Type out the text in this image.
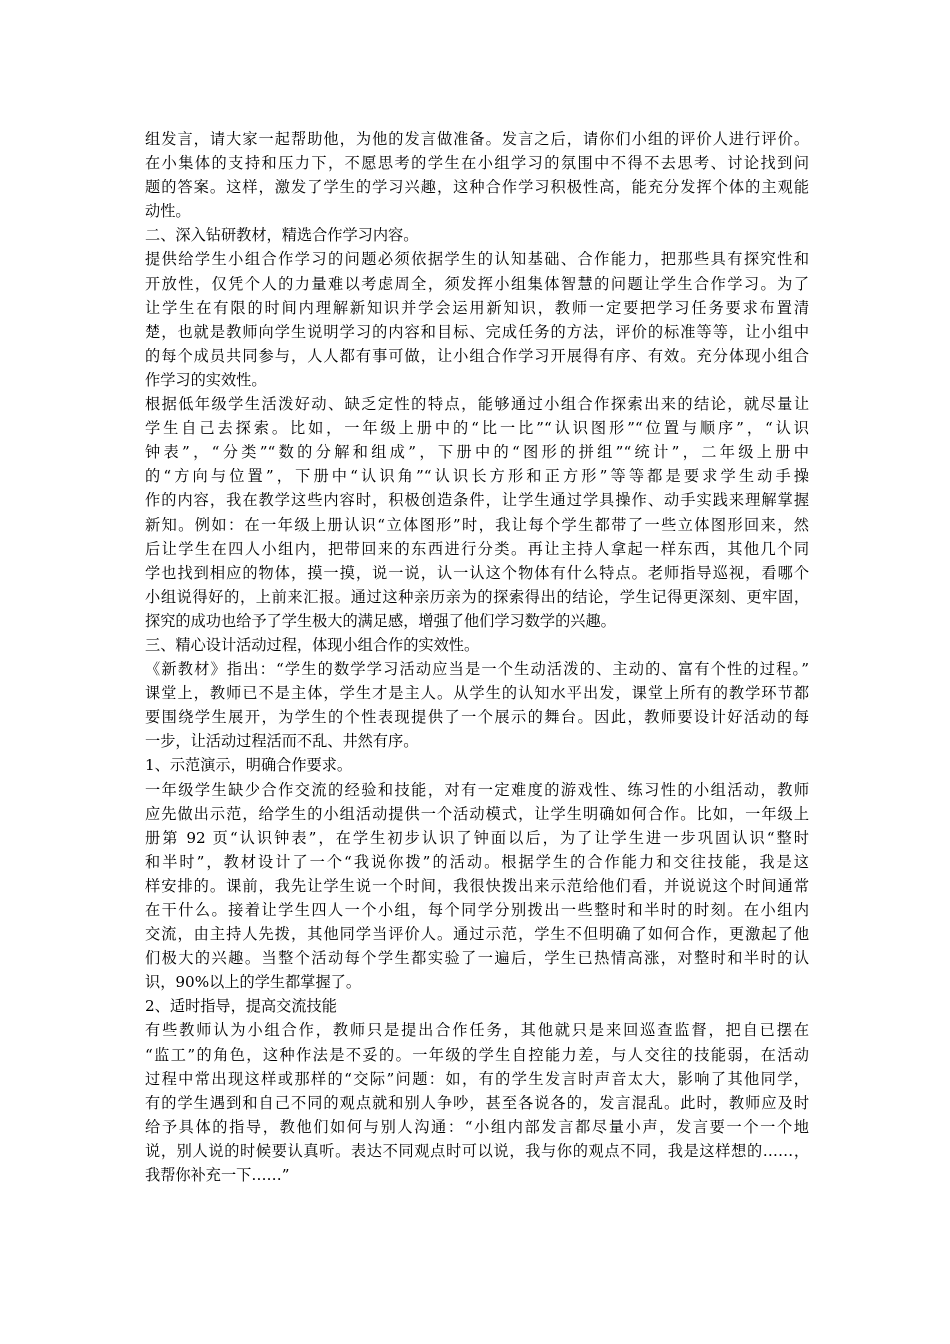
组发言，请大家一起帮助他，为他的发言做准备。发言之后，请你们小组的评价人进行评价。
在小集体的支持和压力下，不愿思考的学生在小组学习的氛围中不得不去思考、讨论找到问
题的答案。这样，激发了学生的学习兴趣，这种合作学习积极性高，能充分发挥个体的主观能
动性。
二、深入钻研教材，精选合作学习内容。
提供给学生小组合作学习的问题必须依据学生的认知基础、合作能力，把那些具有探究性和
开放性，仅凭个人的力量难以考虑周全，须发挥小组集体智慧的问题让学生合作学习。为了
让学生在有限的时间内理解新知识并学会运用新知识，教师一定要把学习任务要求布置清
楚，也就是教师向学生说明学习的内容和目标、完成任务的方法，评价的标准等等，让小组中
的每个成员共同参与，人人都有事可做，让小组合作学习开展得有序、有效。充分体现小组合
作学习的实效性。
根据低年级学生活泼好动、缺乏定性的特点，能够通过小组合作探索出来的结论，就尽量让
学生自己去探索。比如，一年级上册中的“比一比”“认识图形”“位置与顺序”，“认识
钟表”，“分类”“数的分解和组成”，下册中的“图形的拼组”“统计”，二年级上册中
的“方向与位置”，下册中“认识角”“认识长方形和正方形”等等都是要求学生动手操
作的内容，我在教学这些内容时，积极创造条件，让学生通过学具操作、动手实践来理解掌握
新知。例如：在一年级上册认识“立体图形”时，我让每个学生都带了一些立体图形回来，然
后让学生在四人小组内，把带回来的东西进行分类。再让主持人拿起一样东西，其他几个同
学也找到相应的物体，摸一摸，说一说，认一认这个物体有什么特点。老师指导巡视，看哪个
小组说得好的，上前来汇报。通过这种亲历亲为的探索得出的结论，学生记得更深刻、更牢固，
探究的成功也给予了学生极大的满足感，增强了他们学习数学的兴趣。
三、精心设计活动过程，体现小组合作的实效性。
《新教材》指出：“学生的数学学习活动应当是一个生动活泼的、主动的、富有个性的过程。”
课堂上，教师已不是主体，学生才是主人。从学生的认知水平出发，课堂上所有的教学环节都
要围绕学生展开，为学生的个性表现提供了一个展示的舞台。因此，教师要设计好活动的每
一步，让活动过程活而不乱、井然有序。
1、示范演示，明确合作要求。
一年级学生缺少合作交流的经验和技能，对有一定难度的游戏性、练习性的小组活动，教师
应先做出示范，给学生的小组活动提供一个活动模式，让学生明确如何合作。比如，一年级上
册第 92 页“认识钟表”，在学生初步认识了钟面以后，为了让学生进一步巩固认识“整时
和半时”，教材设计了一个“我说你拨”的活动。根据学生的合作能力和交往技能，我是这
样安排的。课前，我先让学生说一个时间，我很快拨出来示范给他们看，并说说这个时间通常
在干什么。接着让学生四人一个小组，每个同学分别拨出一些整时和半时的时刻。在小组内
交流，由主持人先拨，其他同学当评价人。通过示范，学生不但明确了如何合作，更激起了他
们极大的兴趣。当整个活动每个学生都实验了一遍后，学生已热情高涨，对整时和半时的认
识，90%以上的学生都掌握了。
2、适时指导，提高交流技能
有些教师认为小组合作，教师只是提出合作任务，其他就只是来回巡查监督，把自已摆在
“监工”的角色，这种作法是不妥的。一年级的学生自控能力差，与人交往的技能弱，在活动
过程中常出现这样或那样的“交际”问题：如，有的学生发言时声音太大，影响了其他同学，
有的学生遇到和自己不同的观点就和别人争吵，甚至各说各的，发言混乱。此时，教师应及时
给予具体的指导，教他们如何与别人沟通：“小组内部发言都尽量小声，发言要一个一个地
说，别人说的时候要认真听。表达不同观点时可以说，我与你的观点不同，我是这样想的……，
我帮你补充一下……”
